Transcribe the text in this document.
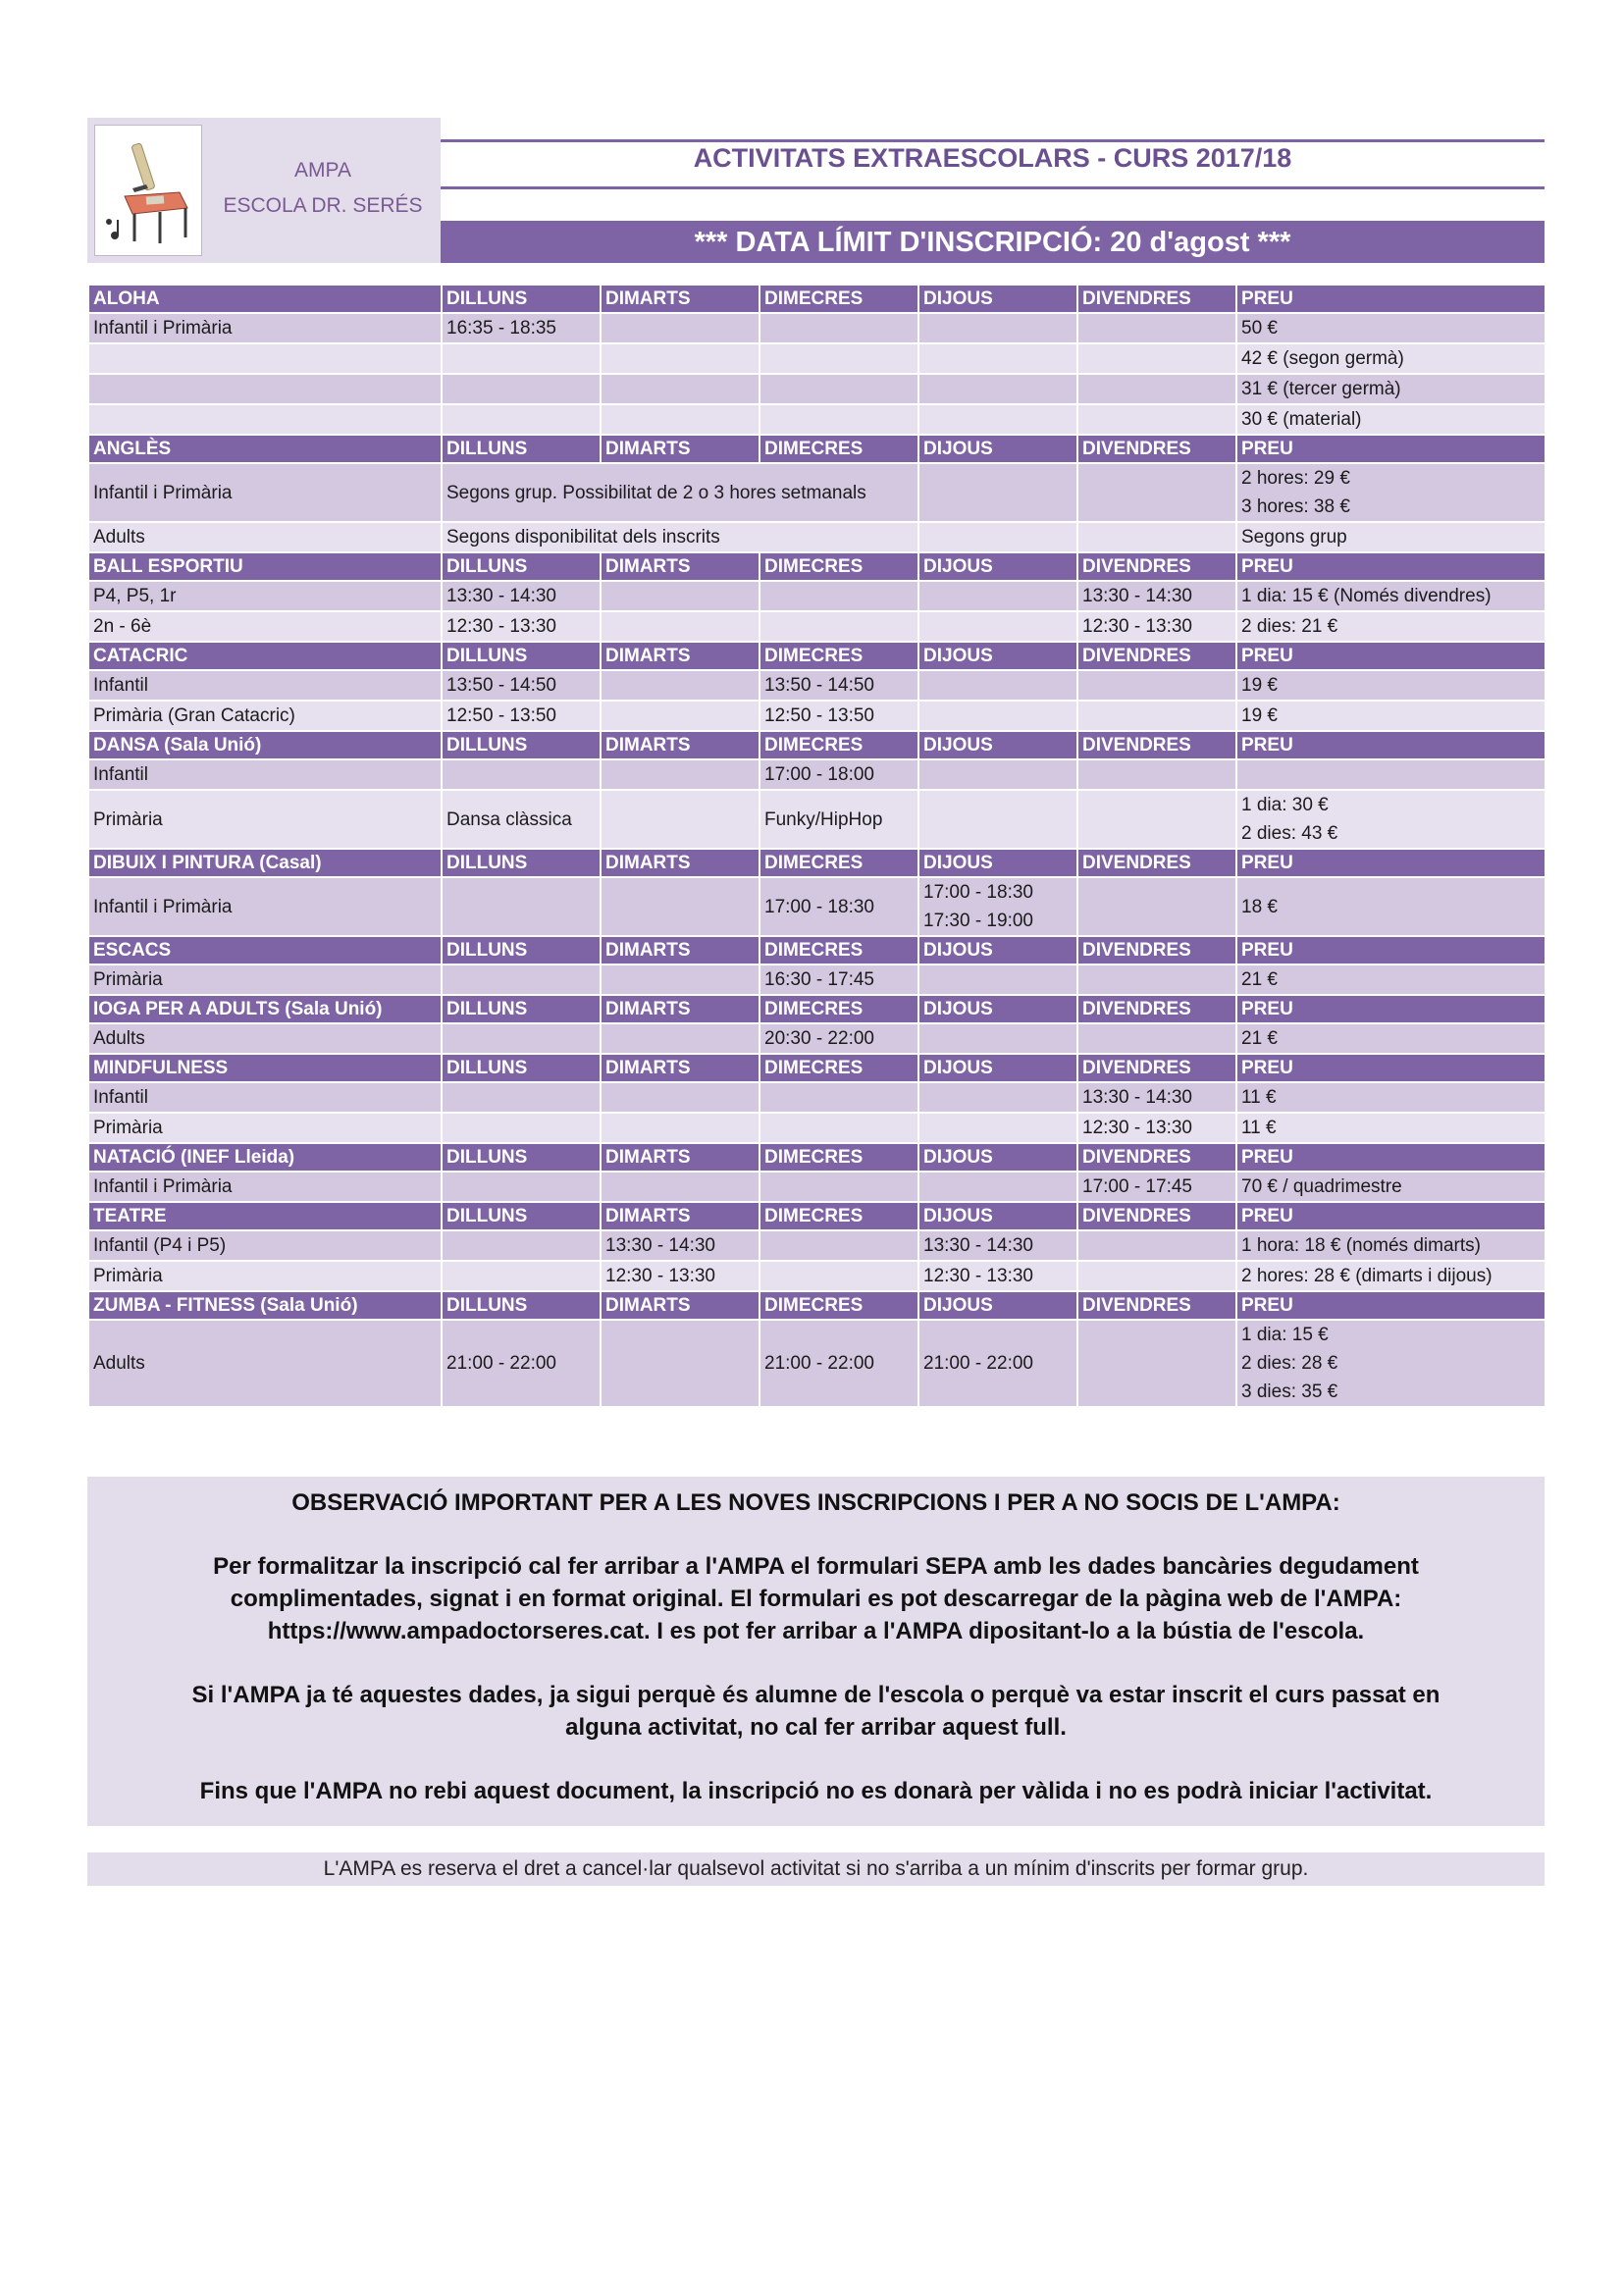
AMPA
ESCOLA DR. SERÉS
ACTIVITATS EXTRAESCOLARS - CURS 2017/18
*** DATA LÍMIT D'INSCRIPCIÓ: 20 d'agost ***
ALOHA	DILLUNS	DIMARTS	DIMECRES	DIJOUS	DIVENDRES	PREU
Infantil i Primària	16:35 - 18:35					50 €
						42 € (segon germà)
						31 € (tercer germà)
						30 € (material)
ANGLÈS	DILLUNS	DIMARTS	DIMECRES	DIJOUS	DIVENDRES	PREU
Infantil i Primària	Segons grup. Possibilitat de 2 o 3 hores setmanals					2 hores: 29 €
3 hores: 38 €

Adults	Segons disponibilitat dels inscrits					Segons grup
BALL ESPORTIU	DILLUNS	DIMARTS	DIMECRES	DIJOUS	DIVENDRES	PREU
P4, P5, 1r	13:30 - 14:30				13:30 - 14:30	1 dia: 15 € (Només divendres)
2n - 6è	12:30 - 13:30				12:30 - 13:30	2 dies: 21 €
CATACRIC	DILLUNS	DIMARTS	DIMECRES	DIJOUS	DIVENDRES	PREU
Infantil	13:50 - 14:50		13:50 - 14:50			19 €
Primària (Gran Catacric)	12:50 - 13:50		12:50 - 13:50			19 €
DANSA (Sala Unió)	DILLUNS	DIMARTS	DIMECRES	DIJOUS	DIVENDRES	PREU
Infantil			17:00 - 18:00			
Primària	Dansa clàssica		Funky/HipHop			1 dia: 30 €
2 dies: 43 €

DIBUIX I PINTURA (Casal)	DILLUNS	DIMARTS	DIMECRES	DIJOUS	DIVENDRES	PREU
Infantil i Primària			17:00 - 18:30	17:00 - 18:30
17:30 - 19:00		18 €
ESCACS	DILLUNS	DIMARTS	DIMECRES	DIJOUS	DIVENDRES	PREU
Primària			16:30 - 17:45			21 €
IOGA PER A ADULTS (Sala Unió)	DILLUNS	DIMARTS	DIMECRES	DIJOUS	DIVENDRES	PREU
Adults			20:30 - 22:00			21 €
MINDFULNESS	DILLUNS	DIMARTS	DIMECRES	DIJOUS	DIVENDRES	PREU
Infantil					13:30 - 14:30	11 €
Primària					12:30 - 13:30	11 €
NATACIÓ (INEF Lleida)	DILLUNS	DIMARTS	DIMECRES	DIJOUS	DIVENDRES	PREU
Infantil i Primària					17:00 - 17:45	70 € / quadrimestre
TEATRE	DILLUNS	DIMARTS	DIMECRES	DIJOUS	DIVENDRES	PREU
Infantil (P4 i P5)		13:30 - 14:30		13:30 - 14:30		1 hora: 18 € (només dimarts)
Primària		12:30 - 13:30		12:30 - 13:30		2 hores: 28 € (dimarts i dijous)
ZUMBA - FITNESS (Sala Unió)	DILLUNS	DIMARTS	DIMECRES	DIJOUS	DIVENDRES	PREU
Adults	21:00 - 22:00		21:00 - 22:00	21:00 - 22:00		1 dia: 15 €
2 dies: 28 €
3 dies: 35 €

OBSERVACIÓ IMPORTANT PER A LES NOVES INSCRIPCIONS I PER A NO SOCIS DE L'AMPA:

Per formalitzar la inscripció cal fer arribar a l'AMPA el formulari SEPA amb les dades bancàries degudament

complimentades, signat i en format original. El formulari es pot descarregar de la pàgina web de l'AMPA:

https://www.ampadoctorseres.cat. I es pot fer arribar a l'AMPA dipositant-lo a la bústia de l'escola.

Si l'AMPA ja té aquestes dades, ja sigui perquè és alumne de l'escola o perquè va estar inscrit el curs passat en

alguna activitat, no cal fer arribar aquest full.

Fins que l'AMPA no rebi aquest document, la inscripció no es donarà per vàlida i no es podrà iniciar l'activitat.

L'AMPA es reserva el dret a cancel·lar qualsevol activitat si no s'arriba a un mínim d'inscrits per formar grup.
